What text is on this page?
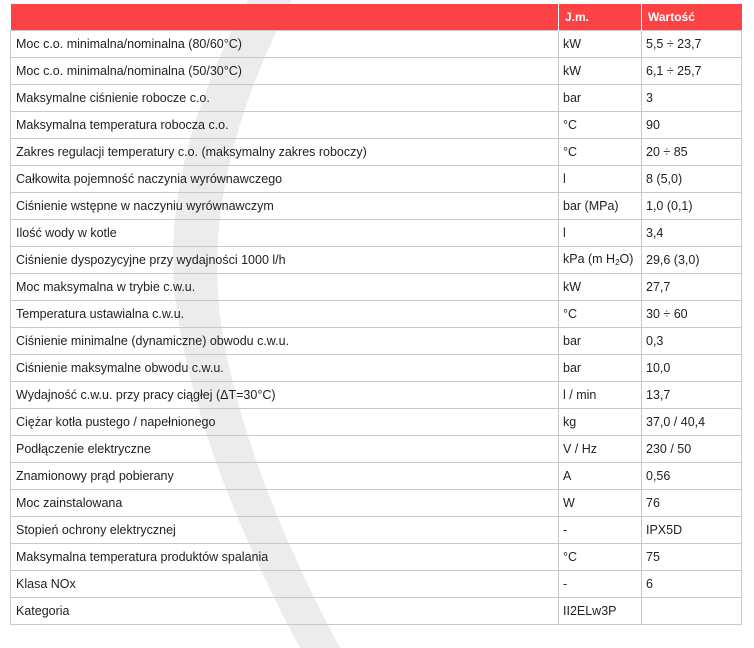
	J.m.	Wartość
Moc c.o. minimalna/nominalna (80/60°C)	kW	5,5 ÷ 23,7
Moc c.o. minimalna/nominalna (50/30°C)	kW	6,1 ÷ 25,7
Maksymalne ciśnienie robocze c.o.	bar	3
Maksymalna temperatura robocza c.o.	°C	90
Zakres regulacji temperatury c.o. (maksymalny zakres roboczy)	°C	20 ÷ 85
Całkowita pojemność naczynia wyrównawczego	l	8 (5,0)
Ciśnienie wstępne w naczyniu wyrównawczym	bar (MPa)	1,0 (0,1)
Ilość wody w kotle	l	3,4
Ciśnienie dyspozycyjne przy wydajności 1000 l/h	kPa (m $H_2O$)	29,6 (3,0)
Moc maksymalna w trybie c.w.u.	kW	27,7
Temperatura ustawialna c.w.u.	°C	30 ÷ 60
Ciśnienie minimalne (dynamiczne) obwodu c.w.u.	bar	0,3
Ciśnienie maksymalne obwodu c.w.u.	bar	10,0
Wydajność c.w.u. przy pracy ciągłej (ΔT=30°C)	l / min	13,7
Ciężar kotła pustego / napełnionego	kg	37,0 / 40,4
Podłączenie elektryczne	V / Hz	230 / 50
Znamionowy prąd pobierany	A	0,56
Moc zainstalowana	W	76
Stopień ochrony elektrycznej	-	IPX5D
Maksymalna temperatura produktów spalania	°C	75
Klasa NOx	-	6
Kategoria	II2ELw3P	
